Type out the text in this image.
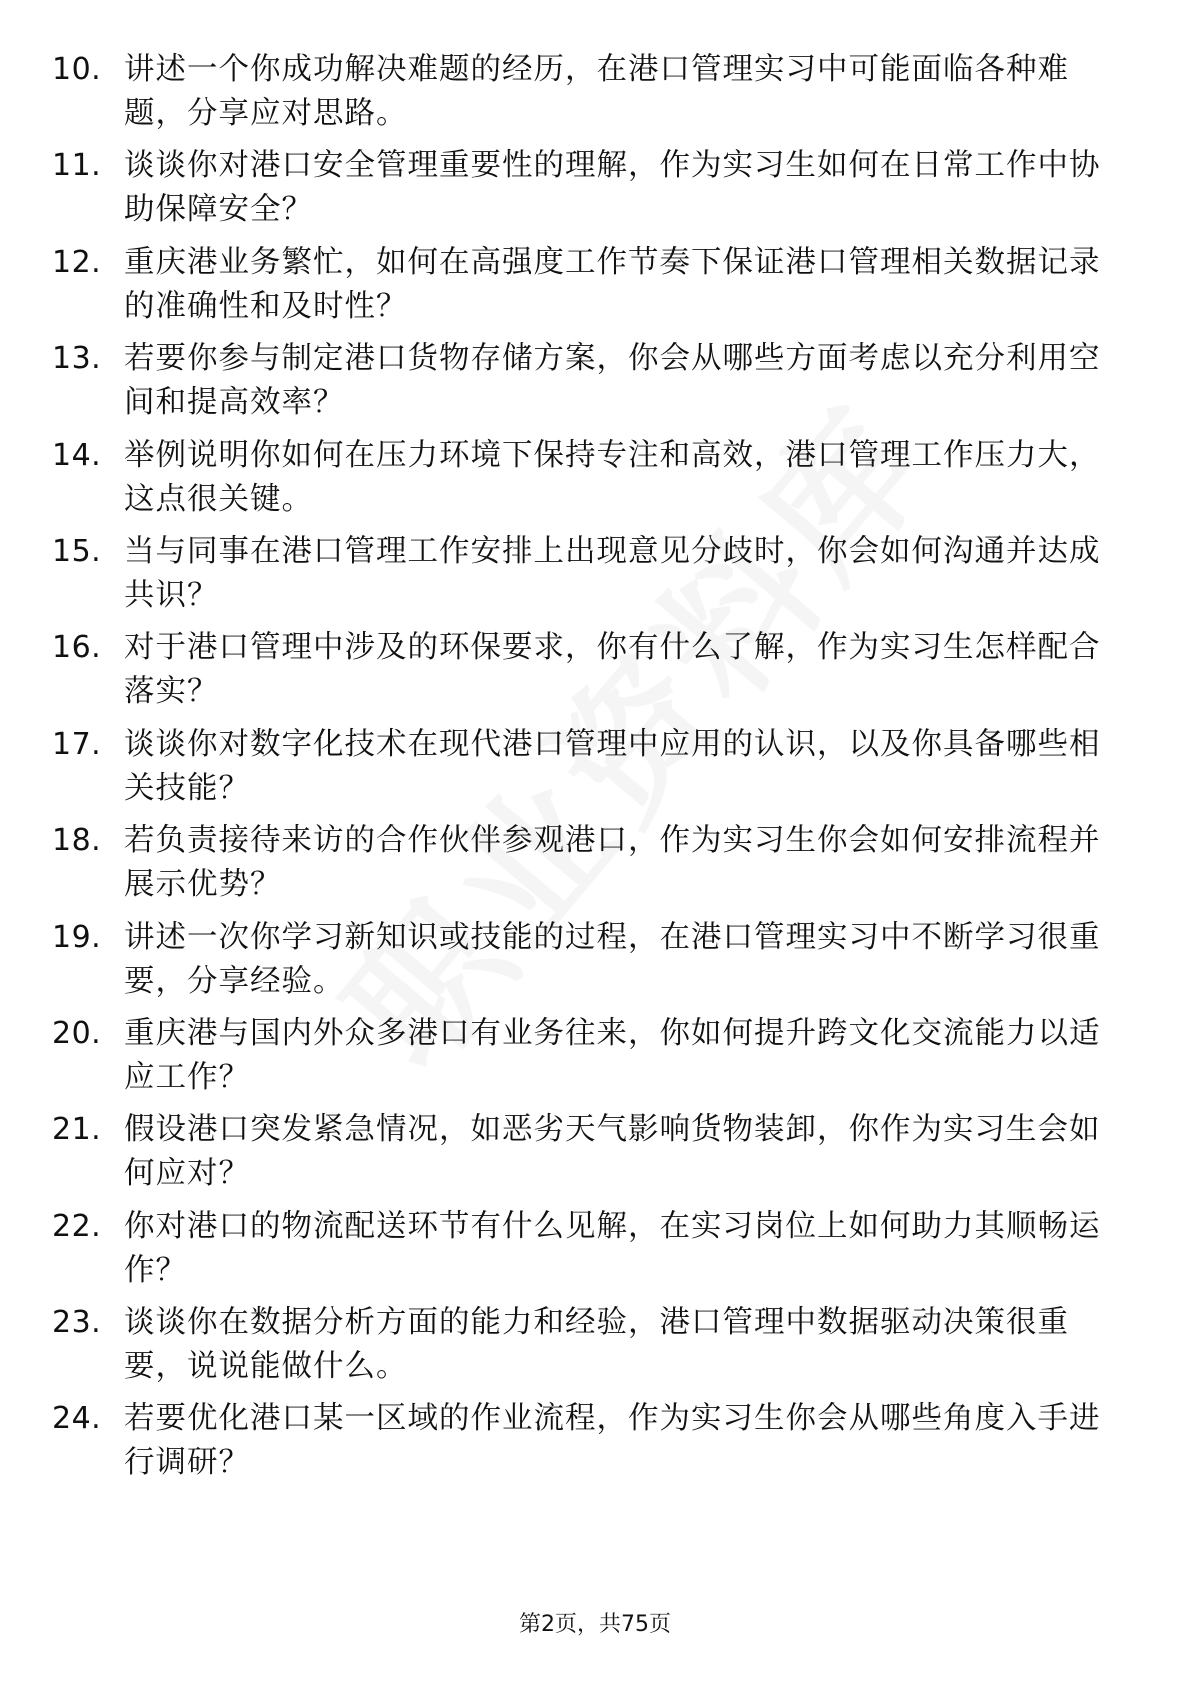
10. 讲述一个你成功解决难题的经历，在港口管理实习中可能面临各种难题，分享应对思路。
11. 谈谈你对港口安全管理重要性的理解，作为实习生如何在日常工作中协助保障安全？
12. 重庆港业务繁忙，如何在高强度工作节奏下保证港口管理相关数据记录的准确性和及时性？
13. 若要你参与制定港口货物存储方案，你会从哪些方面考虑以充分利用空间和提高效率？
14. 举例说明你如何在压力环境下保持专注和高效，港口管理工作压力大，这点很关键。
15. 当与同事在港口管理工作安排上出现意见分歧时，你会如何沟通并达成共识？
16. 对于港口管理中涉及的环保要求，你有什么了解，作为实习生怎样配合落实？
17. 谈谈你对数字化技术在现代港口管理中应用的认识，以及你具备哪些相关技能？
18. 若负责接待来访的合作伙伴参观港口，作为实习生你会如何安排流程并展示优势？
19. 讲述一次你学习新知识或技能的过程，在港口管理实习中不断学习很重要，分享经验。
20. 重庆港与国内外众多港口有业务往来，你如何提升跨文化交流能力以适应工作？
21. 假设港口突发紧急情况，如恶劣天气影响货物装卸，你作为实习生会如何应对？
22. 你对港口的物流配送环节有什么见解，在实习岗位上如何助力其顺畅运作？
23. 谈谈你在数据分析方面的能力和经验，港口管理中数据驱动决策很重要，说说能做什么。
24. 若要优化港口某一区域的作业流程，作为实习生你会从哪些角度入手进行调研？
第2页，共75页
